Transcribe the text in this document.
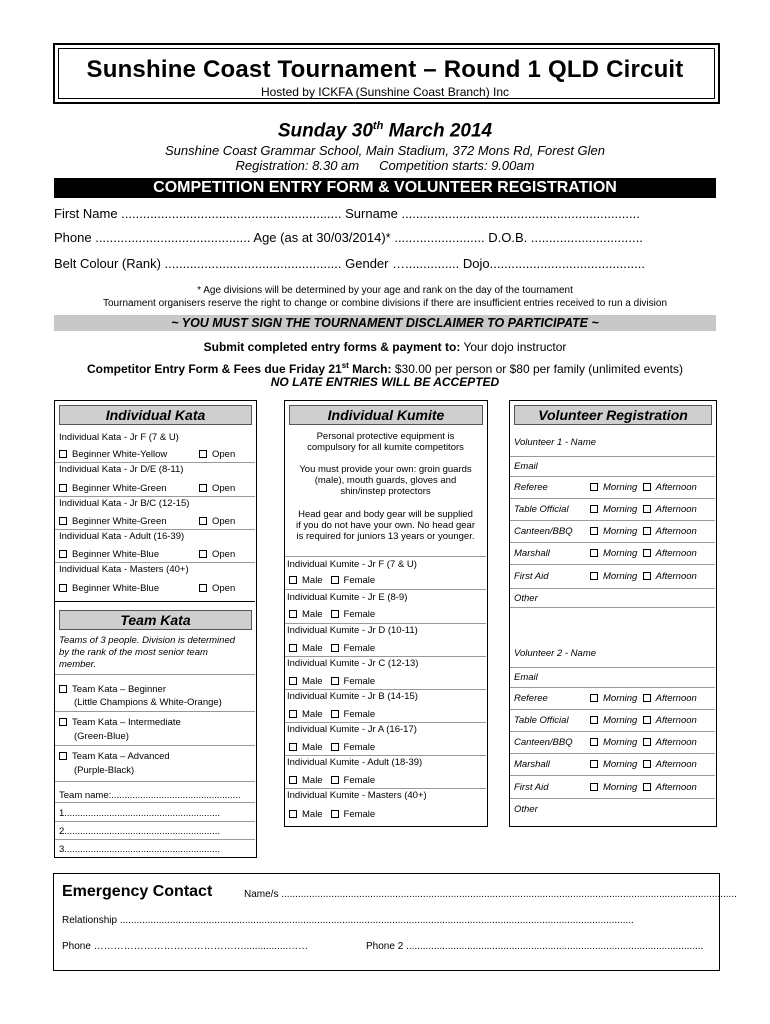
Sunshine Coast Tournament – Round 1 QLD Circuit
Hosted by ICKFA (Sunshine Coast Branch) Inc
Sunday 30th March 2014
Sunshine Coast Grammar School, Main Stadium, 372 Mons Rd, Forest Glen
Registration: 8.30 am Competition starts: 9.00am
COMPETITION ENTRY FORM & VOLUNTEER REGISTRATION
First Name ............................................................. Surname ..................................................................
Phone ........................................... Age (as at 30/03/2014)* ......................... D.O.B. ...............................
Belt Colour (Rank) ................................................. Gender …............... Dojo...........................................
* Age divisions will be determined by your age and rank on the day of the tournament
Tournament organisers reserve the right to change or combine divisions if there are insufficient entries received to run a division
~ YOU MUST SIGN THE TOURNAMENT DISCLAIMER TO PARTICIPATE ~
Submit completed entry forms & payment to: Your dojo instructor
Competitor Entry Form & Fees due Friday 21st March: $30.00 per person or $80 per family (unlimited events)
NO LATE ENTRIES WILL BE ACCEPTED
Individual Kata
Individual Kata - Jr F (7 & U)
Beginner White-Yellow	Open
Individual Kata - Jr D/E (8-11)
Beginner White-Green	Open
Individual Kata - Jr B/C (12-15)
Beginner White-Green	Open
Individual Kata - Adult (16-39)
Beginner White-Blue	Open
Individual Kata - Masters (40+)
Beginner White-Blue	Open
Team Kata
Teams of 3 people. Division is determined
by the rank of the most senior team
member.
Team Kata – Beginner
(Little Champions & White-Orange)
Team Kata – Intermediate
(Green-Blue)
Team Kata – Advanced
(Purple-Black)
Team name:.................................................
1...........................................................
2...........................................................
3...........................................................
Individual Kumite
Personal protective equipment is
compulsory for all kumite competitors
You must provide your own: groin guards
(male), mouth guards, gloves and
shin/instep protectors
Head gear and body gear will be supplied
if you do not have your own. No head gear
is required for juniors 13 years or younger.
Individual Kumite - Jr F (7 & U)
Male Female
Individual Kumite - Jr E (8-9)
Male Female
Individual Kumite - Jr D (10-11)
Male Female
Individual Kumite - Jr C (12-13)
Male Female
Individual Kumite - Jr B (14-15)
Male Female
Individual Kumite - Jr A (16-17)
Male Female
Individual Kumite - Adult (18-39)
Male Female
Individual Kumite - Masters (40+)
Male Female
Volunteer Registration
Volunteer 1 - Name
Email
Referee	Morning Afternoon
Table Official	Morning Afternoon
Canteen/BBQ	Morning Afternoon
Marshall	Morning Afternoon
First Aid	Morning Afternoon
Other
Volunteer 2 - Name
Email
Referee	Morning Afternoon
Table Official	Morning Afternoon
Canteen/BBQ	Morning Afternoon
Marshall	Morning Afternoon
First Aid	Morning Afternoon
Other
Emergency Contact	Name/s ....................................................................................................................................................................
Relationship .........................................................................................................................................................................................
Phone ………………………………………................……	Phone 2 ...........................................................................................................
